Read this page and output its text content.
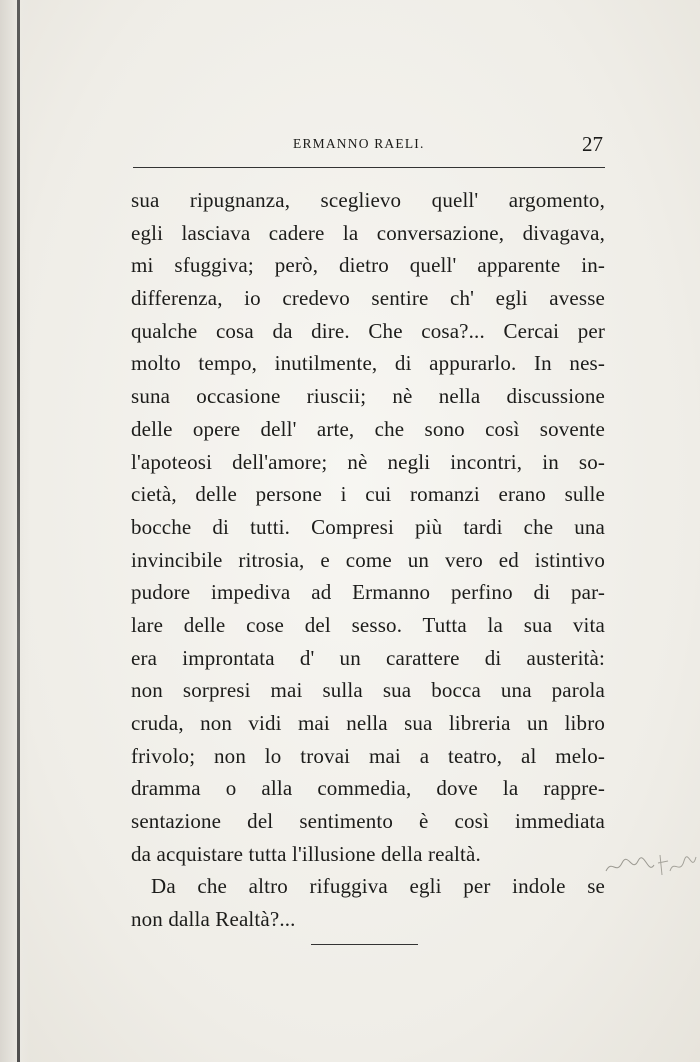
ERMANNO RAELI.	27
sua ripugnanza, sceglievo quell' argomento,
egli lasciava cadere la conversazione, divagava,
mi sfuggiva; però, dietro quell' apparente in-
differenza, io credevo sentire ch' egli avesse
qualche cosa da dire. Che cosa?... Cercai per
molto tempo, inutilmente, di appurarlo. In nes-
suna occasione riuscii; nè nella discussione
delle opere dell' arte, che sono così sovente
l'apoteosi dell'amore; nè negli incontri, in so-
cietà, delle persone i cui romanzi erano sulle
bocche di tutti. Compresi più tardi che una
invincibile ritrosia, e come un vero ed istintivo
pudore impediva ad Ermanno perfino di par-
lare delle cose del sesso. Tutta la sua vita
era improntata d' un carattere di austerità:
non sorpresi mai sulla sua bocca una parola
cruda, non vidi mai nella sua libreria un libro
frivolo; non lo trovai mai a teatro, al melo-
dramma o alla commedia, dove la rappre-
sentazione del sentimento è così immediata
da acquistare tutta l'illusione della realtà.
Da che altro rifuggiva egli per indole se
non dalla Realtà?...
